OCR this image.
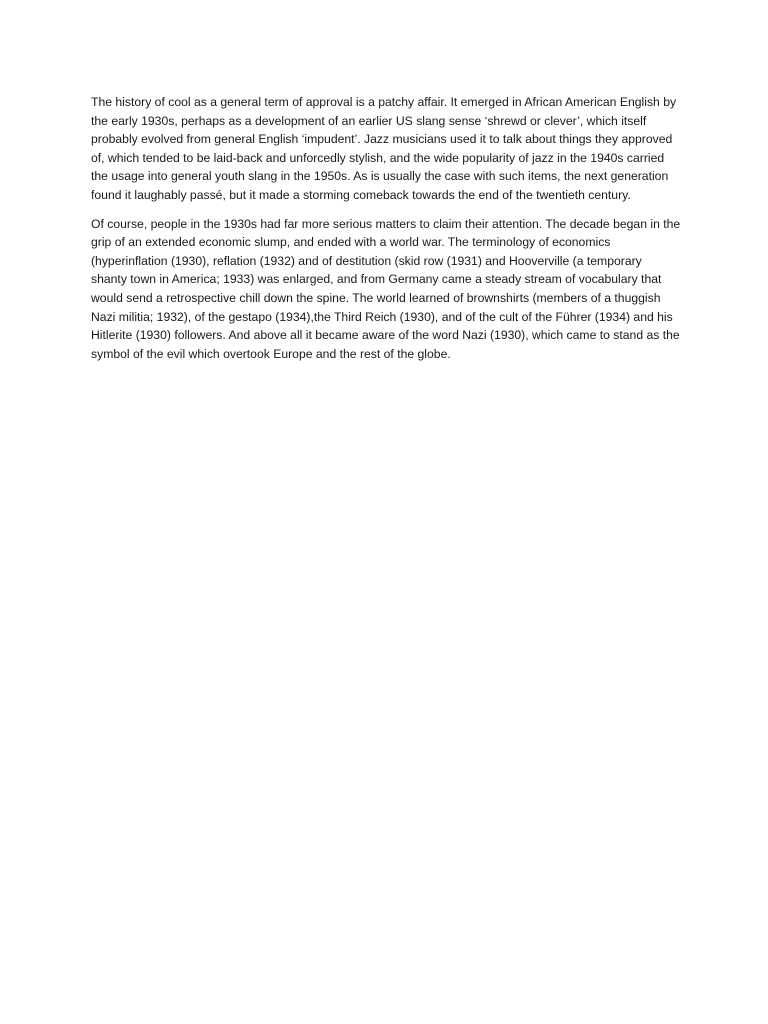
The history of cool as a general term of approval is a patchy affair. It emerged in African American English by the early 1930s, perhaps as a development of an earlier US slang sense ‘shrewd or clever’, which itself probably evolved from general English ‘impudent’. Jazz musicians used it to talk about things they approved of, which tended to be laid-back and unforcedly stylish, and the wide popularity of jazz in the 1940s carried the usage into general youth slang in the 1950s. As is usually the case with such items, the next generation found it laughably passé, but it made a storming comeback towards the end of the twentieth century.

Of course, people in the 1930s had far more serious matters to claim their attention. The decade began in the grip of an extended economic slump, and ended with a world war. The terminology of economics (hyperinflation (1930), reflation (1932) and of destitution (skid row (1931) and Hooverville (a temporary shanty town in America; 1933) was enlarged, and from Germany came a steady stream of vocabulary that would send a retrospective chill down the spine. The world learned of brownshirts (members of a thuggish Nazi militia; 1932), of the gestapo (1934),the Third Reich (1930), and of the cult of the Führer (1934) and his Hitlerite (1930) followers. And above all it became aware of the word Nazi (1930), which came to stand as the symbol of the evil which overtook Europe and the rest of the globe.
